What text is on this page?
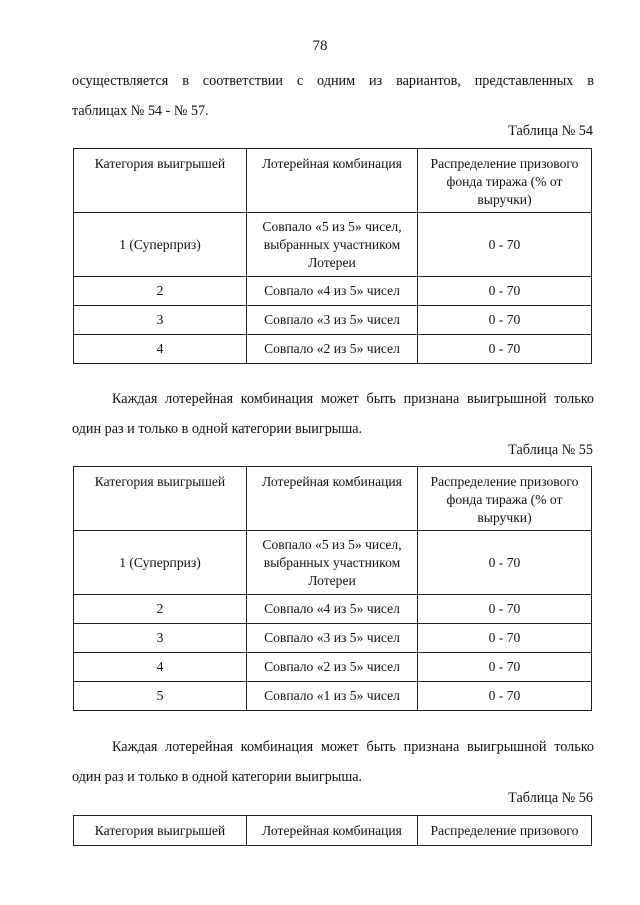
78
осуществляется в соответствии с одним из вариантов, представленных в
таблицах № 54 - № 57.
Таблица № 54
Категория выигрышей	Лотерейная комбинация	Распределение призового фонда тиража (% от выручки)
1 (Суперприз)	Совпало «5 из 5» чисел, выбранных участником Лотереи	0 - 70
2	Совпало «4 из 5» чисел	0 - 70
3	Совпало «3 из 5» чисел	0 - 70
4	Совпало «2 из 5» чисел	0 - 70
Каждая лотерейная комбинация может быть признана выигрышной только
один раз и только в одной категории выигрыша.
Таблица № 55
Категория выигрышей	Лотерейная комбинация	Распределение призового фонда тиража (% от выручки)
1 (Суперприз)	Совпало «5 из 5» чисел, выбранных участником Лотереи	0 - 70
2	Совпало «4 из 5» чисел	0 - 70
3	Совпало «3 из 5» чисел	0 - 70
4	Совпало «2 из 5» чисел	0 - 70
5	Совпало «1 из 5» чисел	0 - 70
Каждая лотерейная комбинация может быть признана выигрышной только
один раз и только в одной категории выигрыша.
Таблица № 56
Категория выигрышей	Лотерейная комбинация	Распределение призового
